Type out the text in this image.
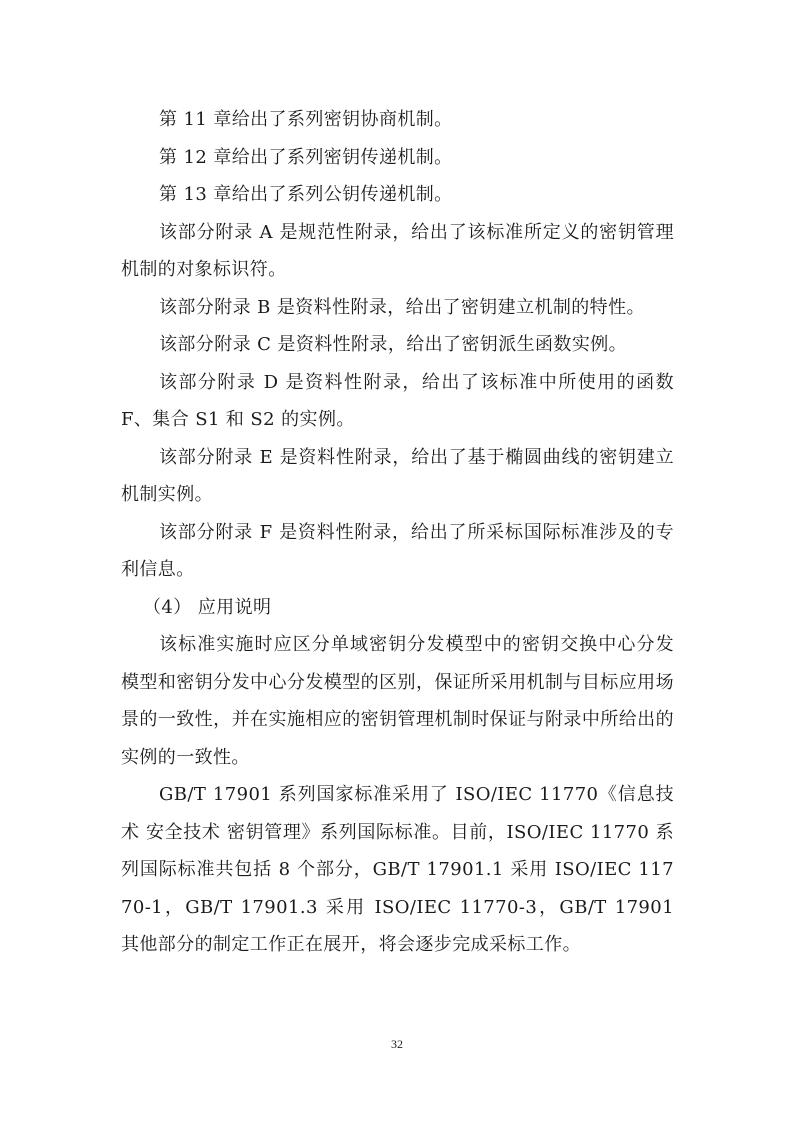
第 11 章给出了系列密钥协商机制。

第 12 章给出了系列密钥传递机制。

第 13 章给出了系列公钥传递机制。

该部分附录 A 是规范性附录，给出了该标准所定义的密钥管理机制的对象标识符。

该部分附录 B 是资料性附录，给出了密钥建立机制的特性。

该部分附录 C 是资料性附录，给出了密钥派生函数实例。

该部分附录 D 是资料性附录，给出了该标准中所使用的函数 F、集合 S1 和 S2 的实例。

该部分附录 E 是资料性附录，给出了基于椭圆曲线的密钥建立机制实例。

该部分附录 F 是资料性附录，给出了所采标国际标准涉及的专利信息。

（4） 应用说明

该标准实施时应区分单域密钥分发模型中的密钥交换中心分发模型和密钥分发中心分发模型的区别，保证所采用机制与目标应用场景的一致性，并在实施相应的密钥管理机制时保证与附录中所给出的实例的一致性。

GB/T 17901 系列国家标准采用了 ISO/IEC 11770《信息技术 安全技术 密钥管理》系列国际标准。目前，ISO/IEC 11770 系列国际标准共包括 8 个部分，GB/T 17901.1 采用 ISO/IEC 11770-1，GB/T 17901.3 采用 ISO/IEC 11770-3，GB/T 17901 其他部分的制定工作正在展开，将会逐步完成采标工作。

32
